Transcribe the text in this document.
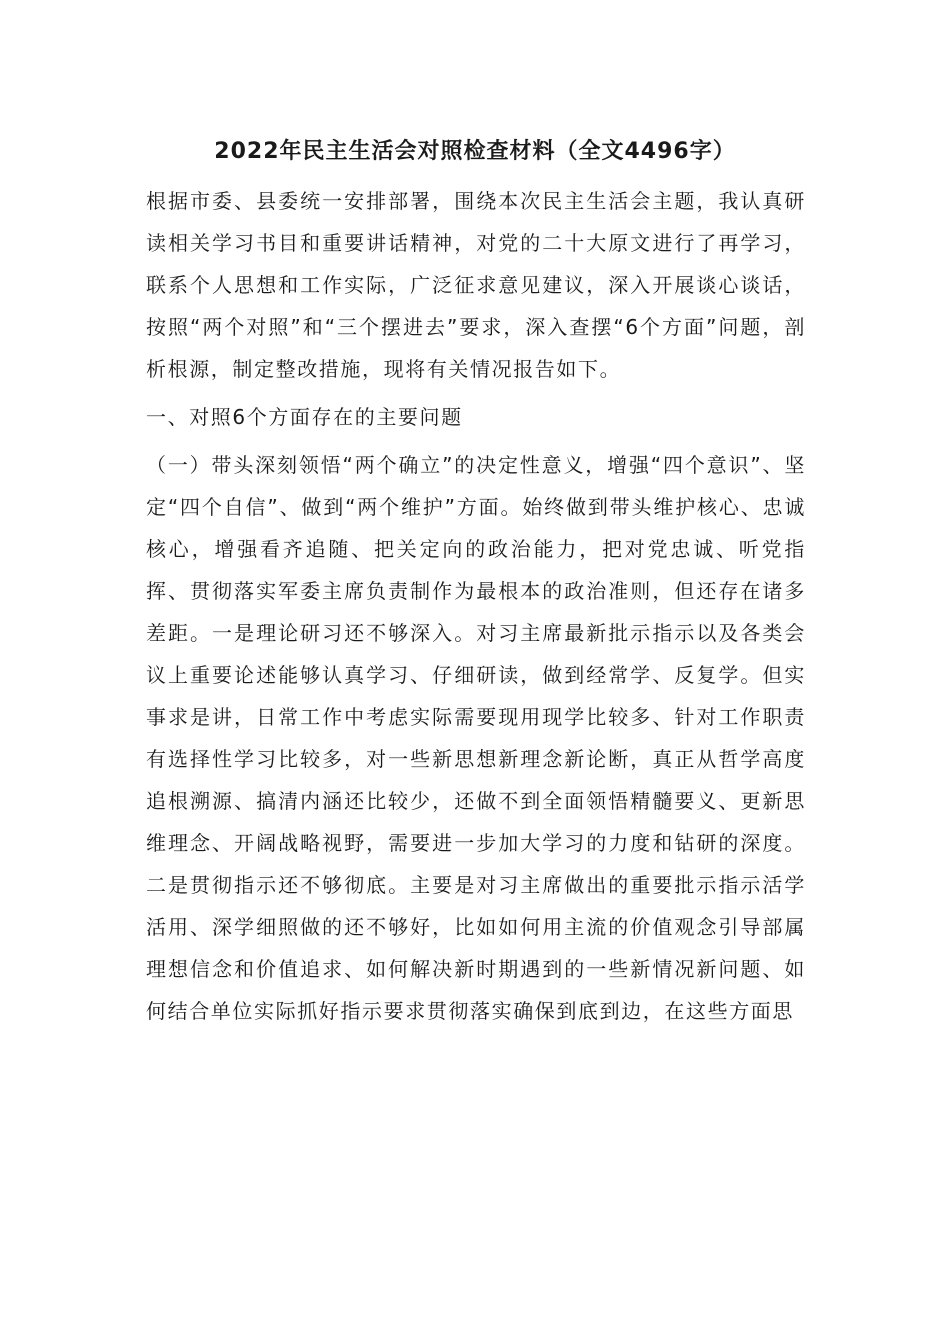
2022年民主生活会对照检查材料（全文4496字）

根据市委、县委统一安排部署，围绕本次民主生活会主题，我认真研读相关学习书目和重要讲话精神，对党的二十大原文进行了再学习，联系个人思想和工作实际，广泛征求意见建议，深入开展谈心谈话，按照“两个对照”和“三个摆进去”要求，深入查摆“6个方面”问题，剖析根源，制定整改措施，现将有关情况报告如下。

一、对照6个方面存在的主要问题

（一）带头深刻领悟“两个确立”的决定性意义，增强“四个意识”、坚定“四个自信”、做到“两个维护”方面。始终做到带头维护核心、忠诚核心，增强看齐追随、把关定向的政治能力，把对党忠诚、听党指挥、贯彻落实军委主席负责制作为最根本的政治准则，但还存在诸多差距。一是理论研习还不够深入。对习主席最新批示指示以及各类会议上重要论述能够认真学习、仔细研读，做到经常学、反复学。但实事求是讲，日常工作中考虑实际需要现用现学比较多、针对工作职责有选择性学习比较多，对一些新思想新理念新论断，真正从哲学高度追根溯源、搞清内涵还比较少，还做不到全面领悟精髓要义、更新思维理念、开阔战略视野，需要进一步加大学习的力度和钻研的深度。二是贯彻指示还不够彻底。主要是对习主席做出的重要批示指示活学活用、深学细照做的还不够好，比如如何用主流的价值观念引导部属理想信念和价值追求、如何解决新时期遇到的一些新情况新问题、如何结合单位实际抓好指示要求贯彻落实确保到底到边，在这些方面思
